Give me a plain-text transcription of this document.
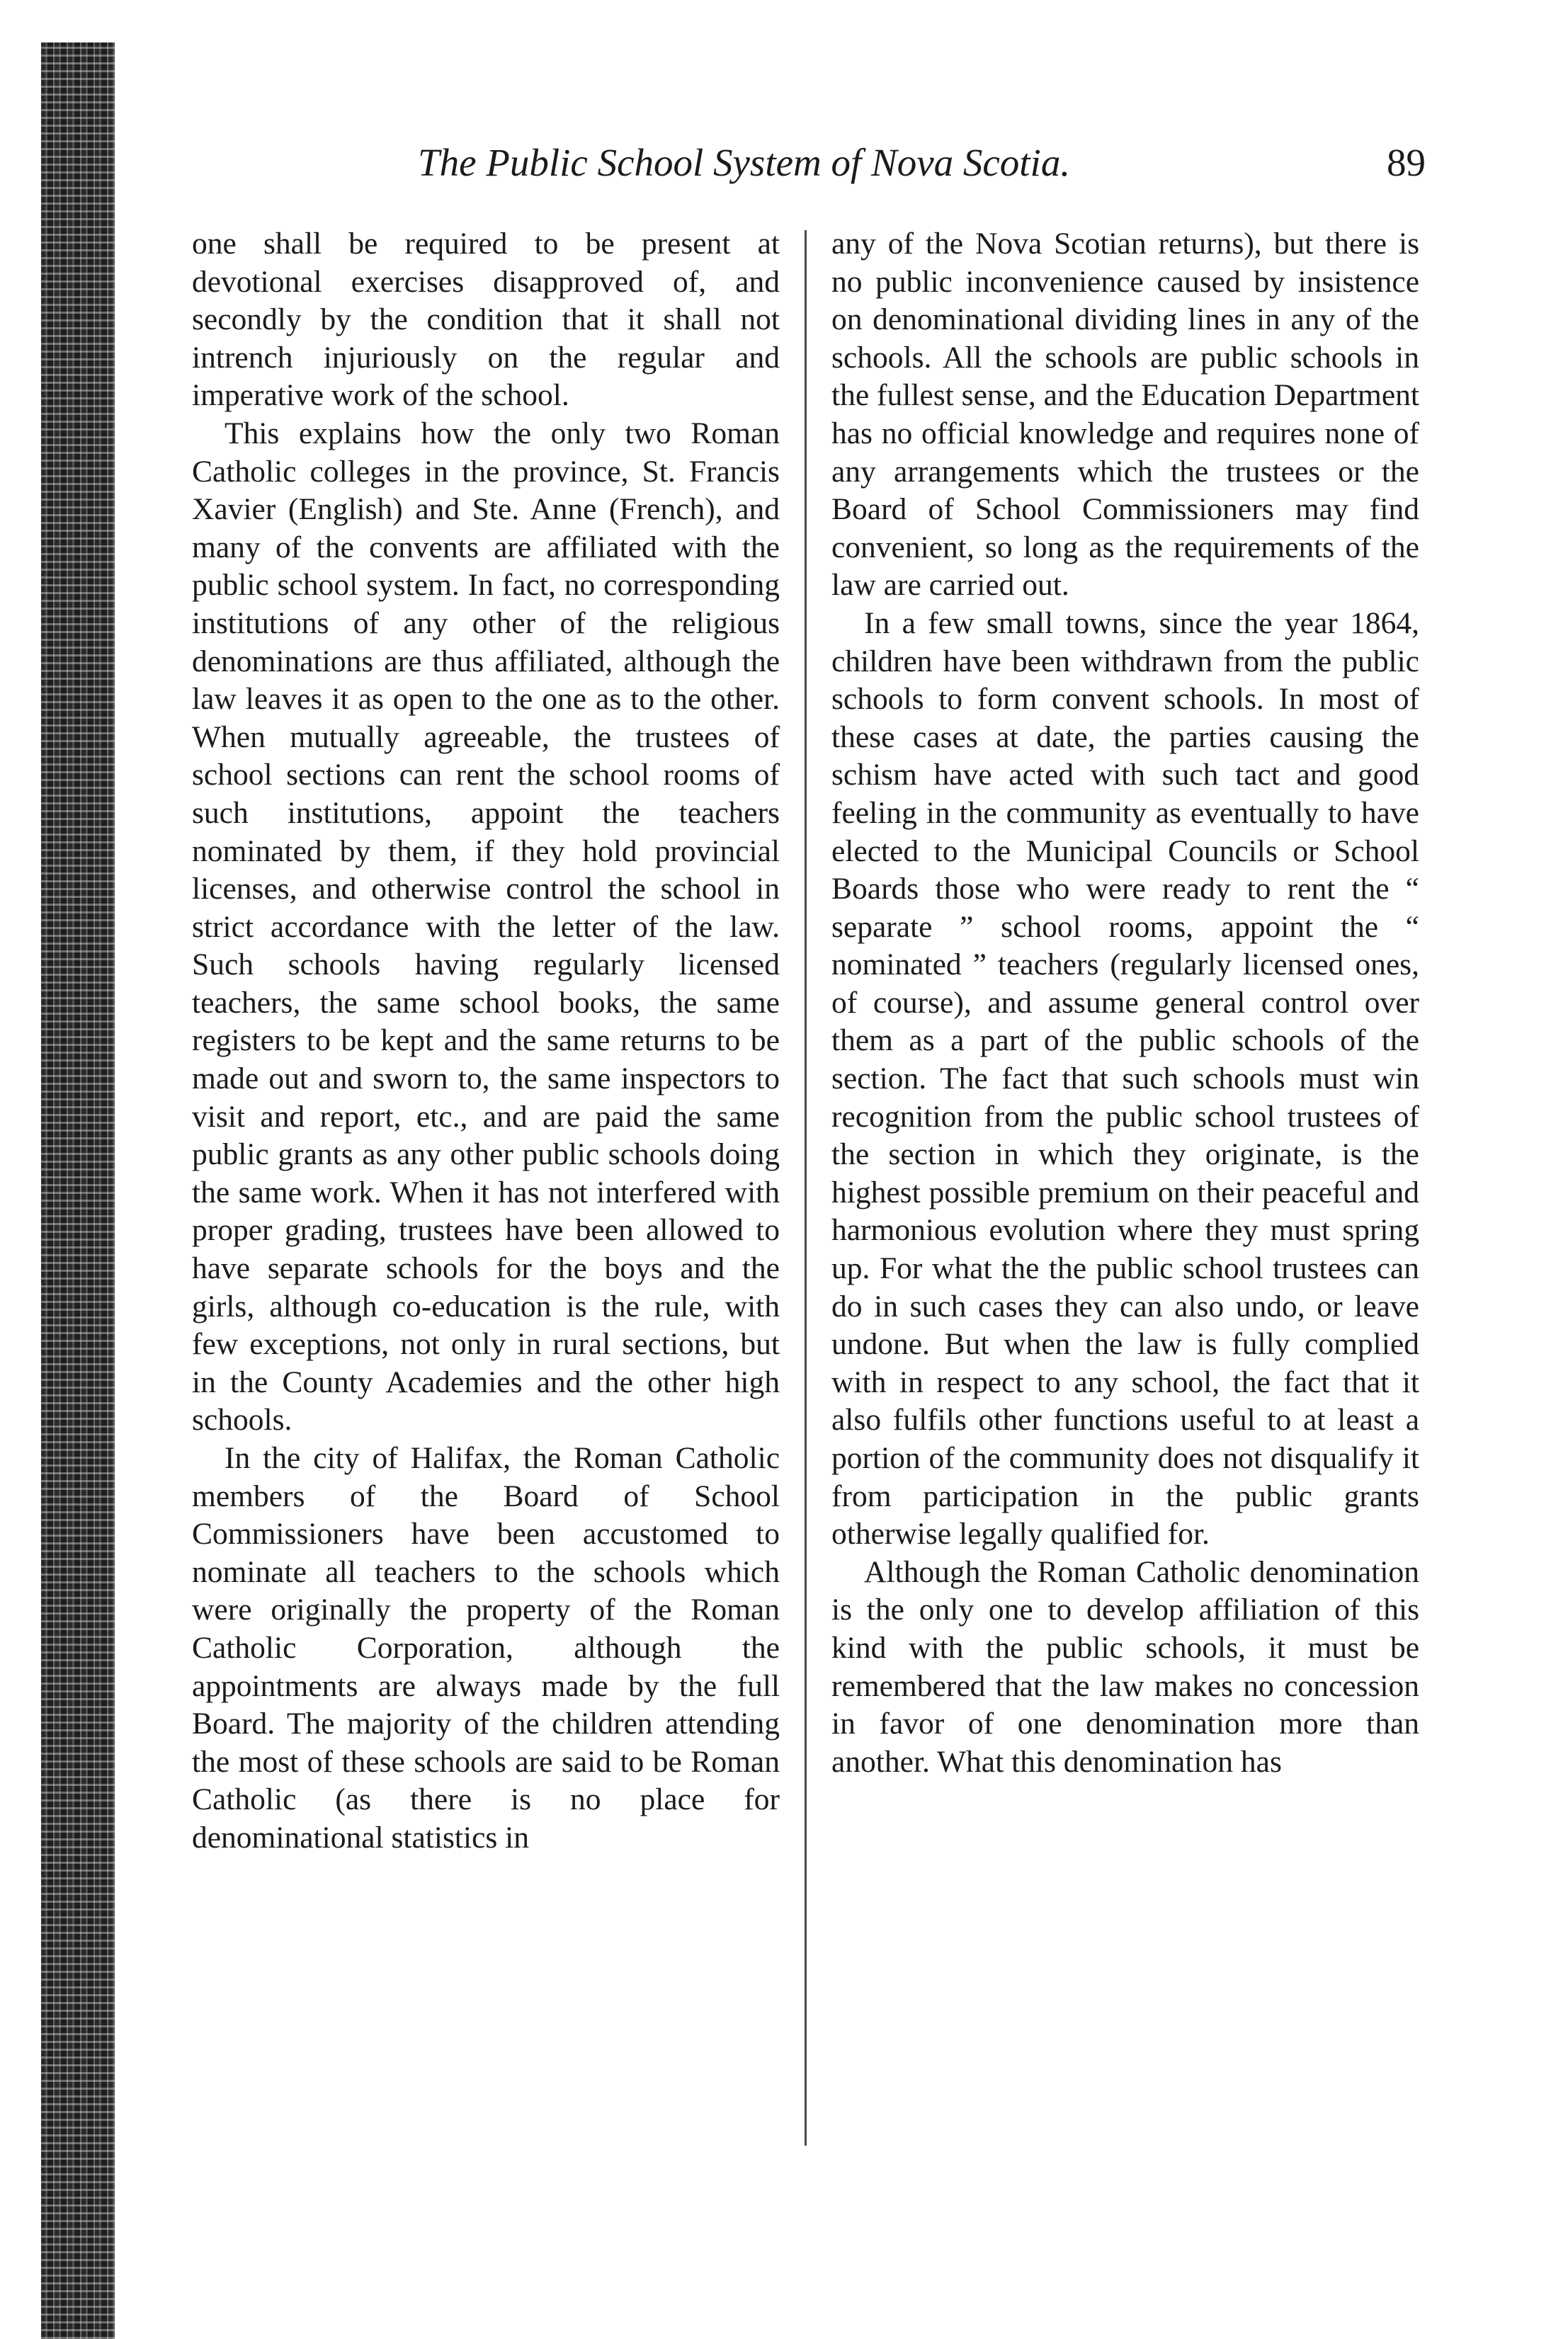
The Public School System of Nova Scotia.	89

one shall be required to be present at devotional exercises disapproved of, and secondly by the condition that it shall not intrench injuriously on the regular and imperative work of the school.

This explains how the only two Roman Catholic colleges in the province, St. Francis Xavier (English) and Ste. Anne (French), and many of the convents are affiliated with the public school system. In fact, no corresponding institutions of any other of the religious denominations are thus affiliated, although the law leaves it as open to the one as to the other. When mutually agreeable, the trustees of school sections can rent the school rooms of such institutions, appoint the teachers nominated by them, if they hold provincial licenses, and otherwise control the school in strict accordance with the letter of the law. Such schools having regularly licensed teachers, the same school books, the same registers to be kept and the same returns to be made out and sworn to, the same inspectors to visit and report, etc., and are paid the same public grants as any other public schools doing the same work. When it has not interfered with proper grading, trustees have been allowed to have separate schools for the boys and the girls, although co-education is the rule, with few exceptions, not only in rural sections, but in the County Academies and the other high schools.

In the city of Halifax, the Roman Catholic members of the Board of School Commissioners have been accustomed to nominate all teachers to the schools which were originally the property of the Roman Catholic Corporation, although the appointments are always made by the full Board. The majority of the children attending the most of these schools are said to be Roman Catholic (as there is no place for denominational statistics in

any of the Nova Scotian returns), but there is no public inconvenience caused by insistence on denominational dividing lines in any of the schools. All the schools are public schools in the fullest sense, and the Education Department has no official knowledge and requires none of any arrangements which the trustees or the Board of School Commissioners may find convenient, so long as the requirements of the law are carried out.

In a few small towns, since the year 1864, children have been withdrawn from the public schools to form convent schools. In most of these cases at date, the parties causing the schism have acted with such tact and good feeling in the community as eventually to have elected to the Municipal Councils or School Boards those who were ready to rent the “ separate ” school rooms, appoint the “ nominated ” teachers (regularly licensed ones, of course), and assume general control over them as a part of the public schools of the section. The fact that such schools must win recognition from the public school trustees of the section in which they originate, is the highest possible premium on their peaceful and harmonious evolution where they must spring up. For what the the public school trustees can do in such cases they can also undo, or leave undone. But when the law is fully complied with in respect to any school, the fact that it also fulfils other functions useful to at least a portion of the community does not disqualify it from participation in the public grants otherwise legally qualified for.

Although the Roman Catholic denomination is the only one to develop affiliation of this kind with the public schools, it must be remembered that the law makes no concession in favor of one denomination more than another. What this denomination has
